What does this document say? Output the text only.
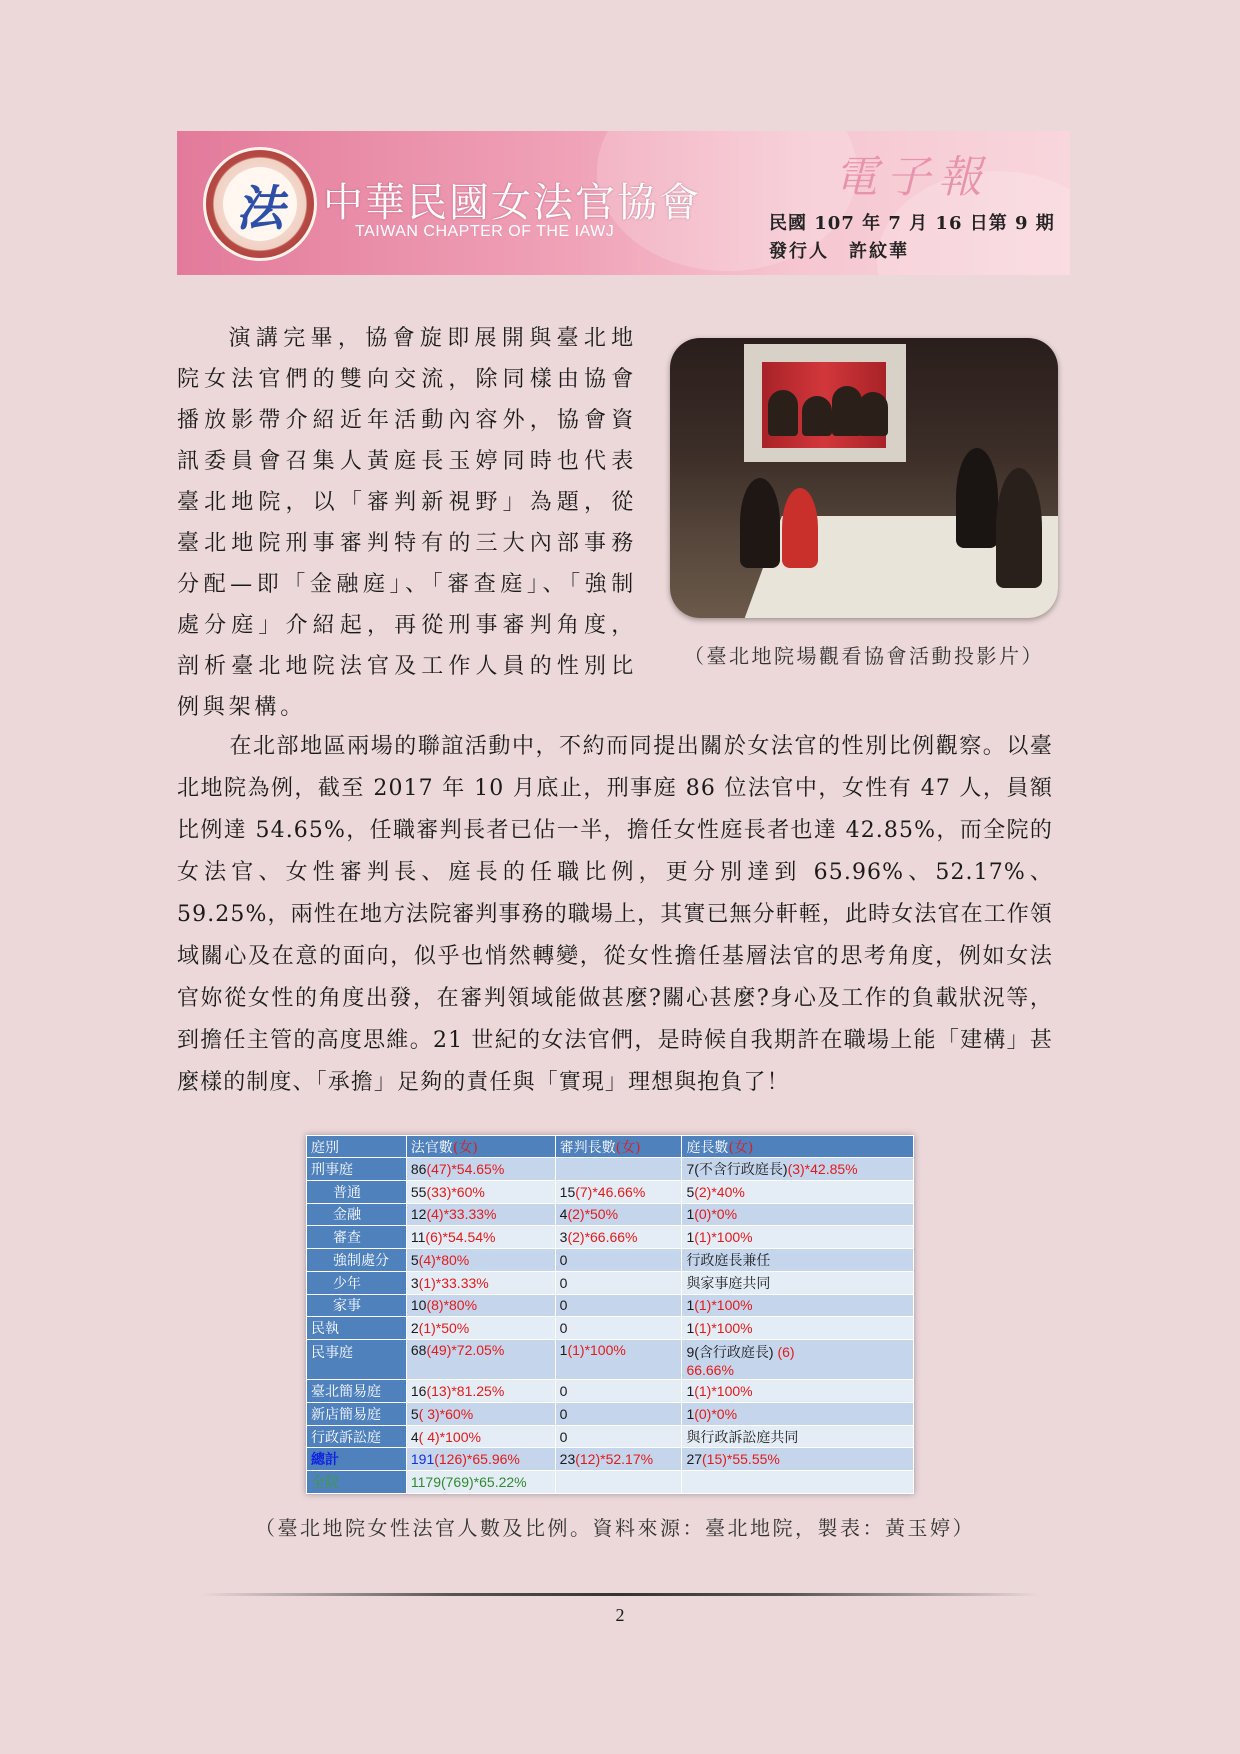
法 中華民國女法官協會
TAIWAN CHAPTER OF THE IAWJ
電子報
民國 107 年 7 月 16 日第 9 期
發行人　許紋華

演講完畢，協會旋即展開與臺北地院女法官們的雙向交流，除同樣由協會播放影帶介紹近年活動內容外，協會資訊委員會召集人黃庭長玉婷同時也代表臺北地院，以「審判新視野」為題，從臺北地院刑事審判特有的三大內部事務分配—即「金融庭」、「審查庭」、「強制處分庭」介紹起，再從刑事審判角度，剖析臺北地院法官及工作人員的性別比例與架構。

（臺北地院場觀看協會活動投影片）

在北部地區兩場的聯誼活動中，不約而同提出關於女法官的性別比例觀察。以臺北地院為例，截至 2017 年 10 月底止，刑事庭 86 位法官中，女性有 47 人，員額比例達 54.65%，任職審判長者已佔一半，擔任女性庭長者也達 42.85%，而全院的女法官、女性審判長、庭長的任職比例，更分別達到 65.96%、52.17%、59.25%，兩性在地方法院審判事務的職場上，其實已無分軒輊，此時女法官在工作領域關心及在意的面向，似乎也悄然轉變，從女性擔任基層法官的思考角度，例如女法官妳從女性的角度出發，在審判領域能做甚麼?關心甚麼?身心及工作的負載狀況等，到擔任主管的高度思維。21 世紀的女法官們，是時候自我期許在職場上能「建構」甚麼樣的制度、「承擔」足夠的責任與「實現」理想與抱負了！

庭別	法官數(女)	審判長數(女)	庭長數(女)
刑事庭	86(47)*54.65%		7(不含行政庭長)(3)*42.85%
普通	55(33)*60%	15(7)*46.66%	5(2)*40%
金融	12(4)*33.33%	4(2)*50%	1(0)*0%
審查	11(6)*54.54%	3(2)*66.66%	1(1)*100%
強制處分	5(4)*80%	0	行政庭長兼任
少年	3(1)*33.33%	0	與家事庭共同
家事	10(8)*80%	0	1(1)*100%
民執	2(1)*50%	0	1(1)*100%
民事庭	68(49)*72.05%	1(1)*100%	9(含行政庭長) (6)
66.66%
臺北簡易庭	16(13)*81.25%	0	1(1)*100%
新店簡易庭	5( 3)*60%	0	1(0)*0%
行政訴訟庭	4( 4)*100%	0	與行政訴訟庭共同
總計	191(126)*65.96%	23(12)*52.17%	27(15)*55.55%
全院	1179(769)*65.22%		
（臺北地院女性法官人數及比例。資料來源：臺北地院，製表：黃玉婷）
2
